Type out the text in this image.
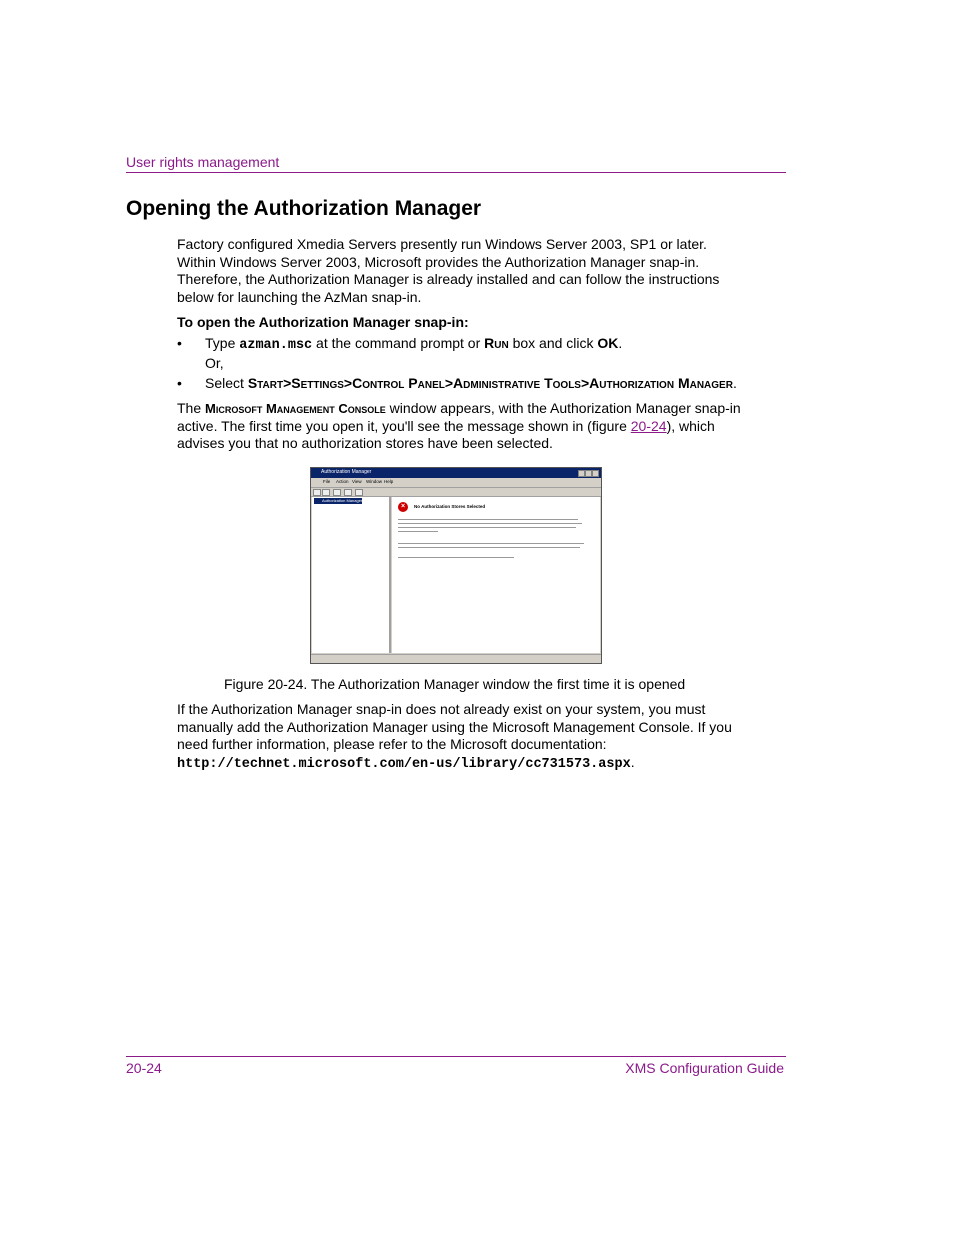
User rights management
Opening the Authorization Manager
Factory configured Xmedia Servers presently run Windows Server 2003, SP1 or later. Within Windows Server 2003, Microsoft provides the Authorization Manager snap-in. Therefore, the Authorization Manager is already installed and can follow the instructions below for launching the AzMan snap-in.
To open the Authorization Manager snap-in:
• Type azman.msc at the command prompt or Run box and click OK.
Or,
• Select Start>Settings>Control Panel>Administrative Tools>Authorization Manager.
The Microsoft Management Console window appears, with the Authorization Manager snap-in active. The first time you open it, you'll see the message shown in (figure 20-24), which advises you that no authorization stores have been selected.
Authorization Manager
File Action View Window Help
Authorization Manager
×	No Authorization Stores Selected
Figure 20-24. The Authorization Manager window the first time it is opened
If the Authorization Manager snap-in does not already exist on your system, you must manually add the Authorization Manager using the Microsoft Management Console. If you need further information, please refer to the Microsoft documentation:
http://technet.microsoft.com/en-us/library/cc731573.aspx.
20-24	XMS Configuration Guide
